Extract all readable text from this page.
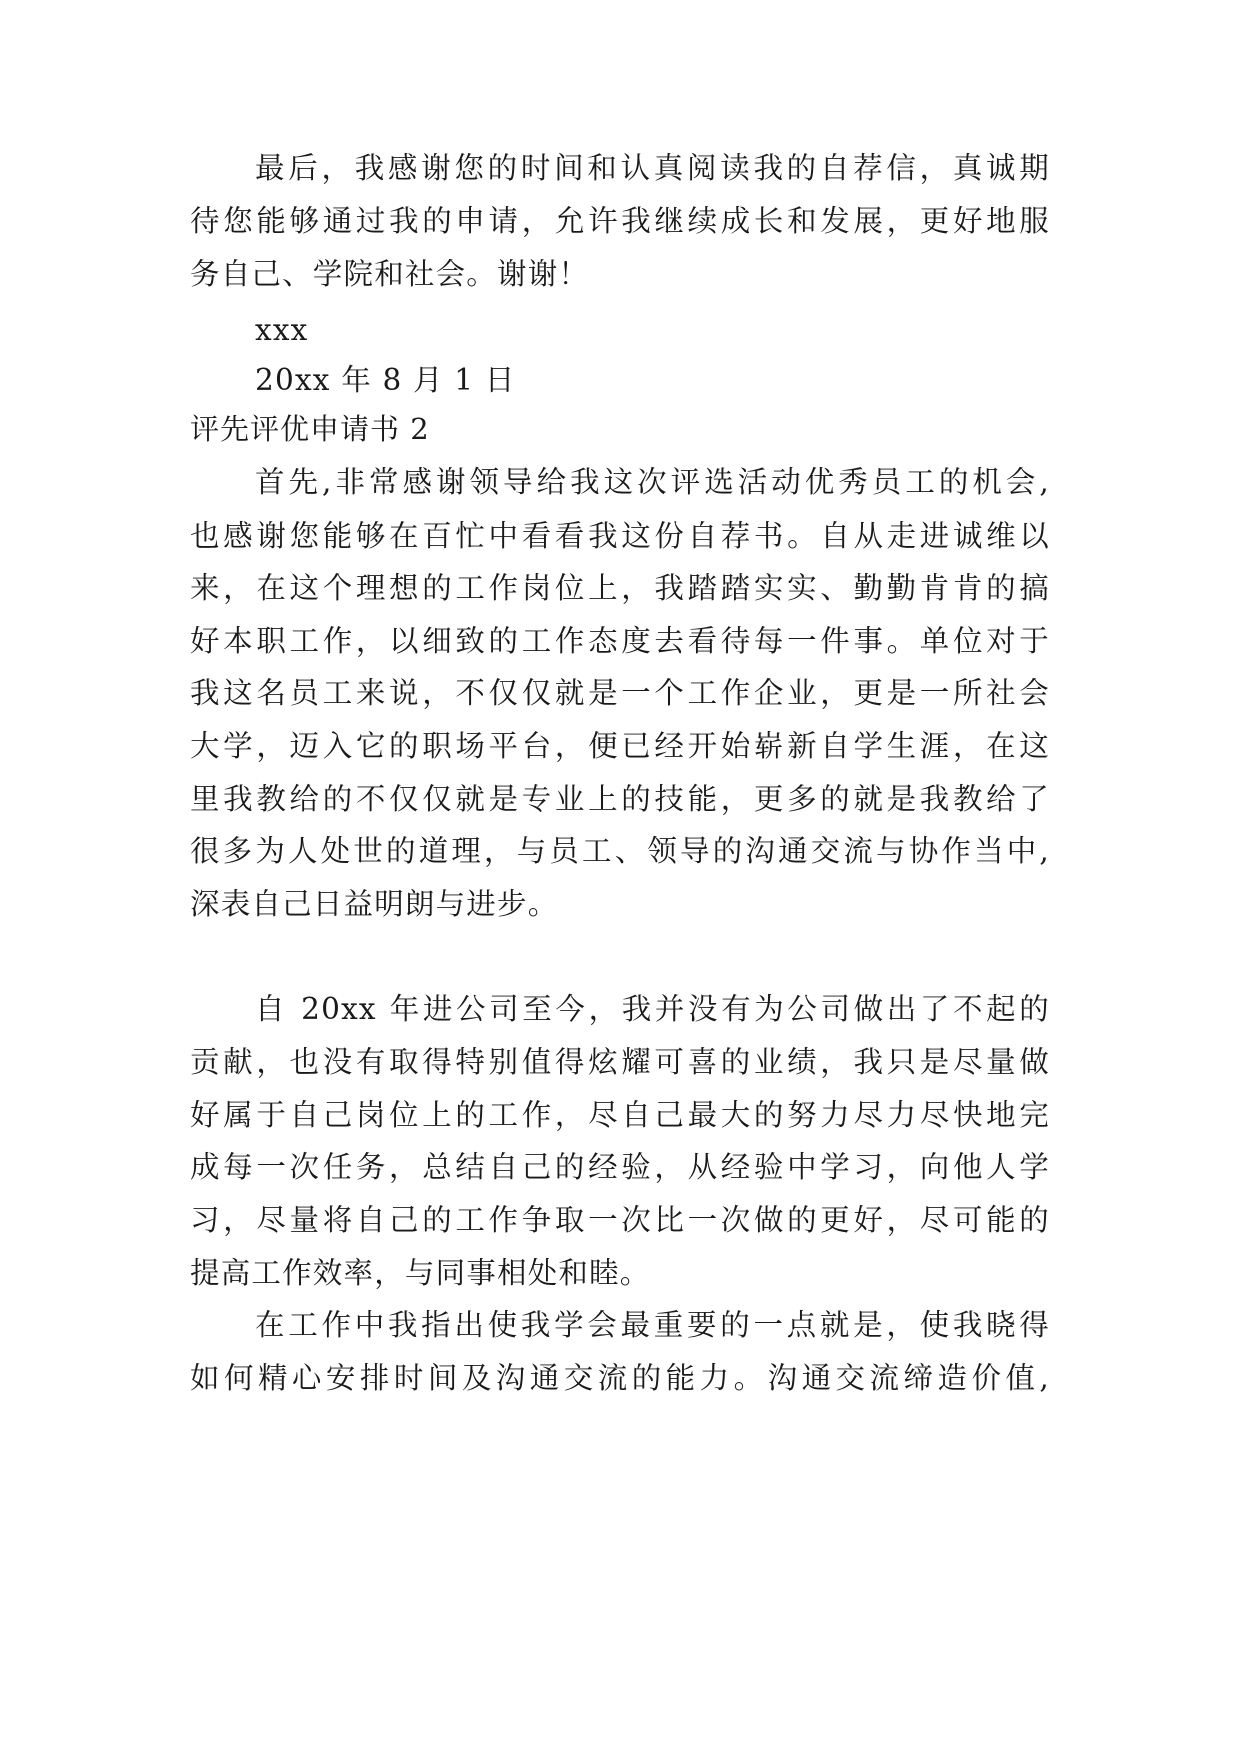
最后，我感谢您的时间和认真阅读我的自荐信，真诚期
待您能够通过我的申请，允许我继续成长和发展，更好地服
务自己、学院和社会。谢谢！
xxx
20xx 年 8 月 1 日
评先评优申请书 2
首先,非常感谢领导给我这次评选活动优秀员工的机会,
也感谢您能够在百忙中看看我这份自荐书。自从走进诚维以
来，在这个理想的工作岗位上，我踏踏实实、勤勤肯肯的搞
好本职工作，以细致的工作态度去看待每一件事。单位对于
我这名员工来说，不仅仅就是一个工作企业，更是一所社会
大学，迈入它的职场平台，便已经开始崭新自学生涯，在这
里我教给的不仅仅就是专业上的技能，更多的就是我教给了
很多为人处世的道理，与员工、领导的沟通交流与协作当中,
深表自己日益明朗与进步。
自 20xx 年进公司至今，我并没有为公司做出了不起的
贡献，也没有取得特别值得炫耀可喜的业绩，我只是尽量做
好属于自己岗位上的工作，尽自己最大的努力尽力尽快地完
成每一次任务，总结自己的经验，从经验中学习，向他人学
习，尽量将自己的工作争取一次比一次做的更好，尽可能的
提高工作效率，与同事相处和睦。
在工作中我指出使我学会最重要的一点就是，使我晓得
如何精心安排时间及沟通交流的能力。沟通交流缔造价值,
